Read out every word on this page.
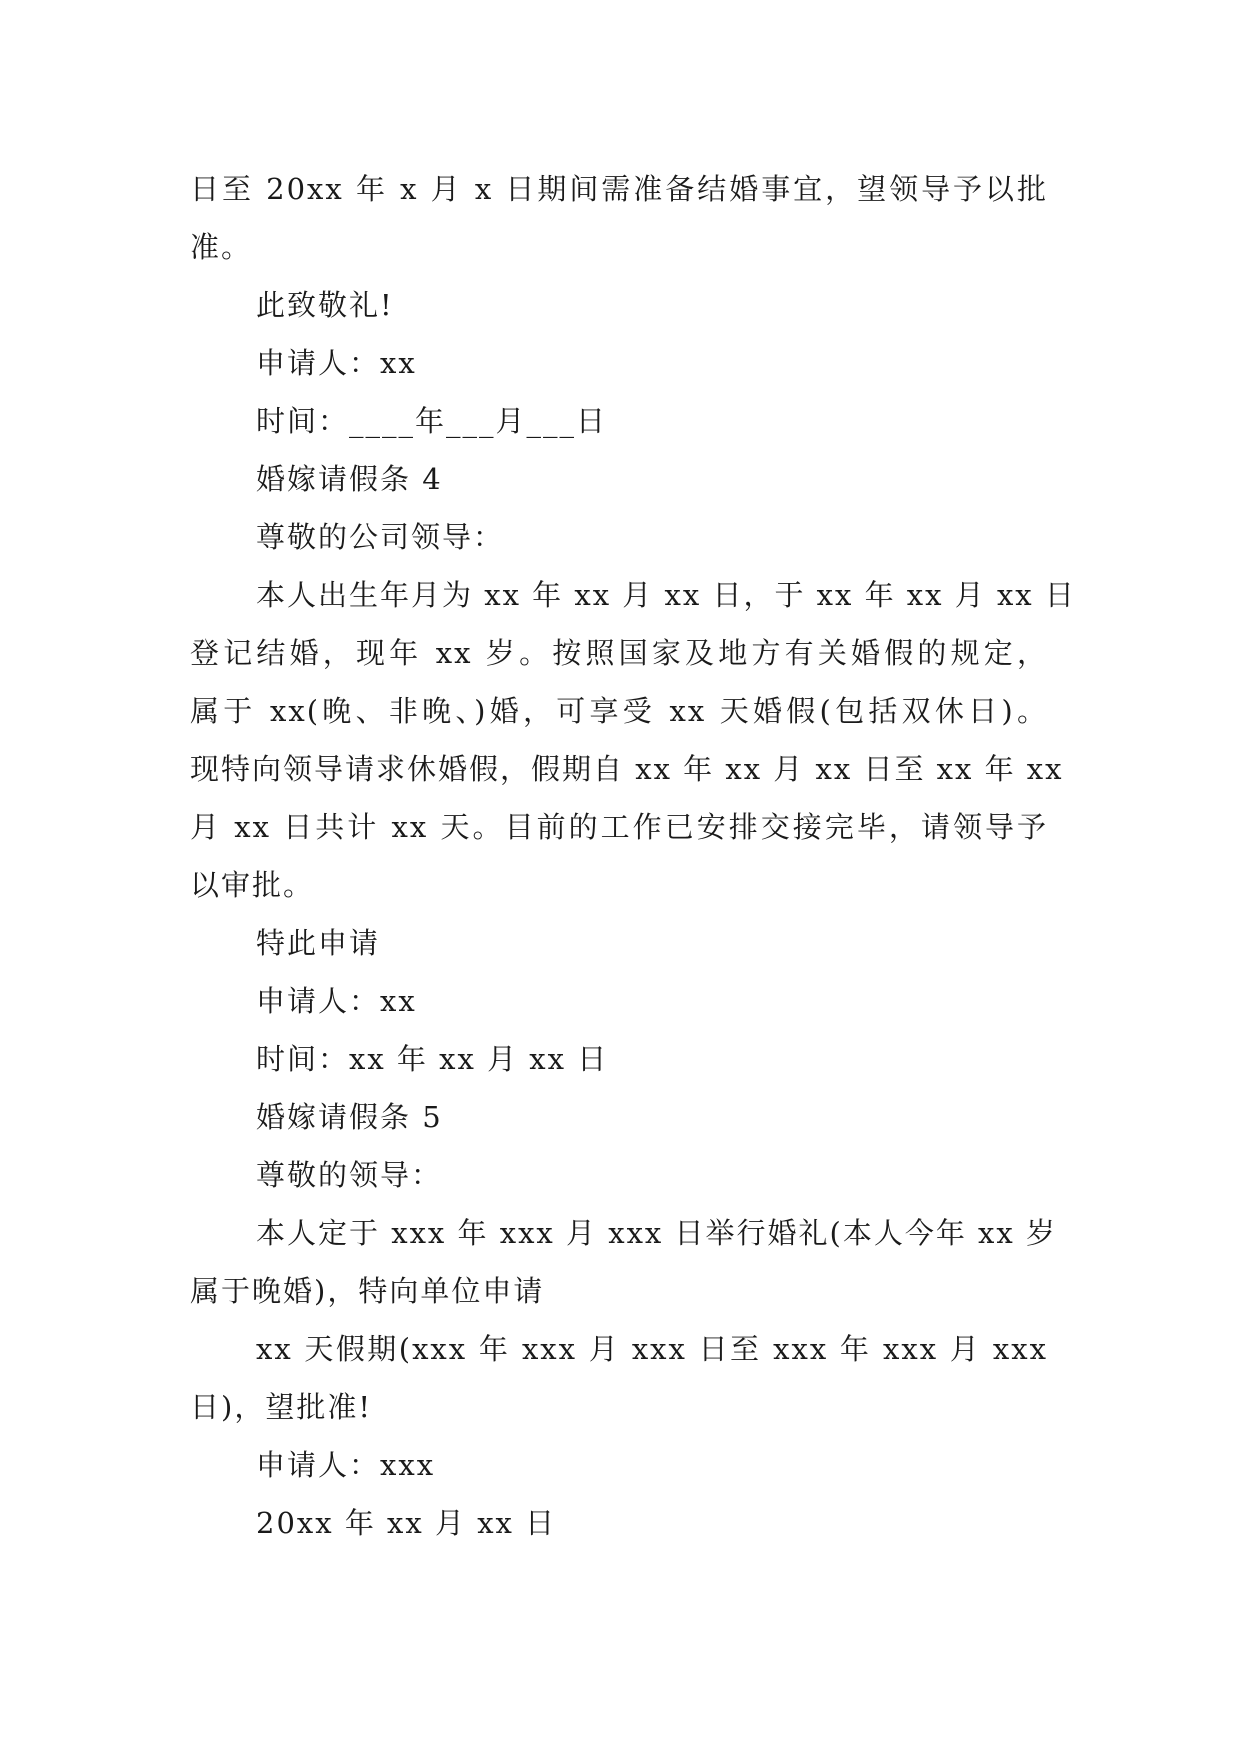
日至 20xx 年 x 月 x 日期间需准备结婚事宜，望领导予以批
准。
此致敬礼!
申请人：xx
时间：____年___月___日
婚嫁请假条 4
尊敬的公司领导：
本人出生年月为 xx 年 xx 月 xx 日，于 xx 年 xx 月 xx 日
登记结婚，现年 xx 岁。按照国家及地方有关婚假的规定，
属于 xx(晚、非晚、)婚，可享受 xx 天婚假(包括双休日)。
现特向领导请求休婚假，假期自 xx 年 xx 月 xx 日至 xx 年 xx
月 xx 日共计 xx 天。目前的工作已安排交接完毕，请领导予
以审批。
特此申请
申请人：xx
时间：xx 年 xx 月 xx 日
婚嫁请假条 5
尊敬的领导：
本人定于 xxx 年 xxx 月 xxx 日举行婚礼(本人今年 xx 岁
属于晚婚)，特向单位申请
xx 天假期(xxx 年 xxx 月 xxx 日至 xxx 年 xxx 月 xxx
日)，望批准!
申请人：xxx
20xx 年 xx 月 xx 日
